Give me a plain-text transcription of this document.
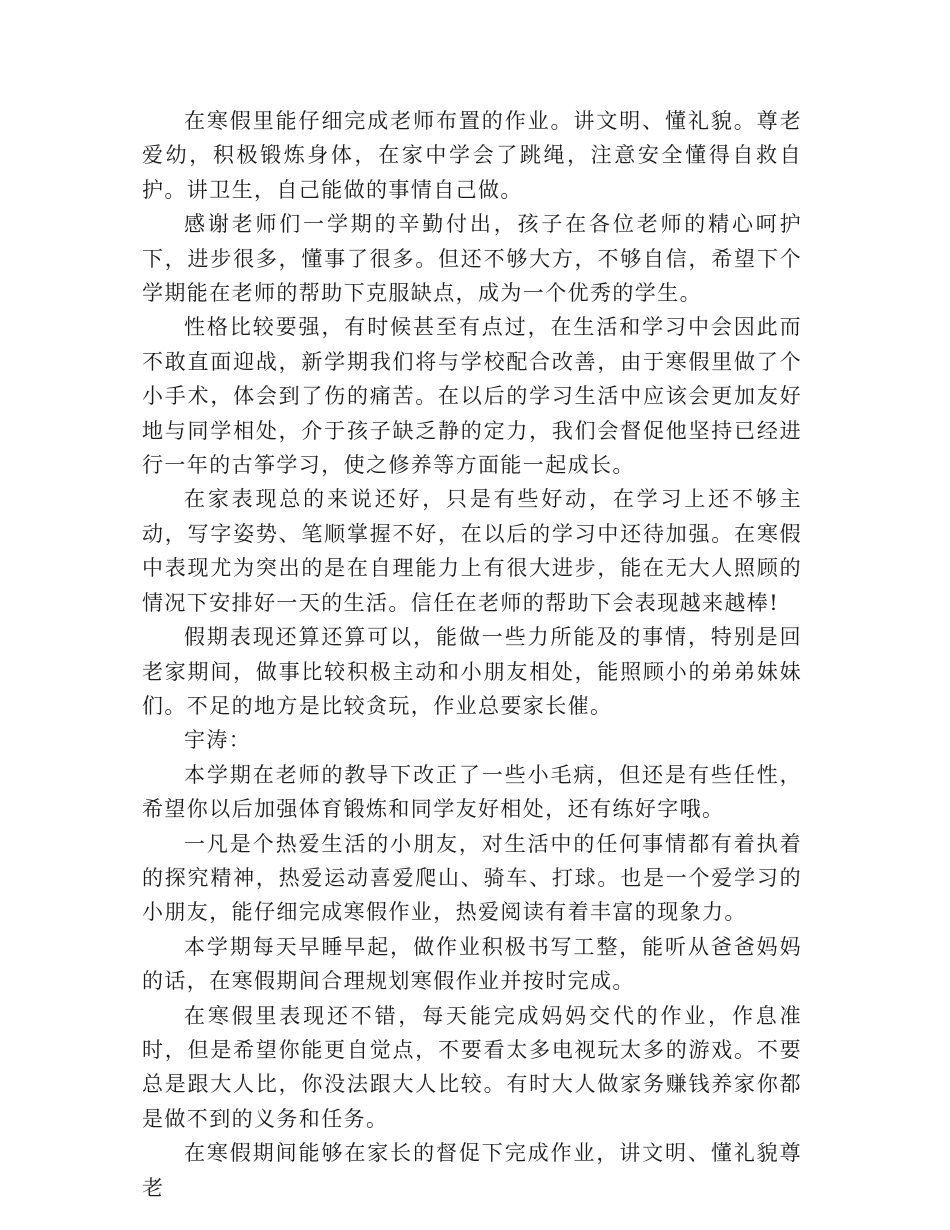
在寒假里能仔细完成老师布置的作业。讲文明、懂礼貌。尊老爱幼，积极锻炼身体，在家中学会了跳绳，注意安全懂得自救自护。讲卫生，自己能做的事情自己做。

感谢老师们一学期的辛勤付出，孩子在各位老师的精心呵护下，进步很多，懂事了很多。但还不够大方，不够自信，希望下个学期能在老师的帮助下克服缺点，成为一个优秀的学生。

性格比较要强，有时候甚至有点过，在生活和学习中会因此而不敢直面迎战，新学期我们将与学校配合改善，由于寒假里做了个小手术，体会到了伤的痛苦。在以后的学习生活中应该会更加友好地与同学相处，介于孩子缺乏静的定力，我们会督促他坚持已经进行一年的古筝学习，使之修养等方面能一起成长。

在家表现总的来说还好，只是有些好动，在学习上还不够主动，写字姿势、笔顺掌握不好，在以后的学习中还待加强。在寒假中表现尤为突出的是在自理能力上有很大进步，能在无大人照顾的情况下安排好一天的生活。信任在老师的帮助下会表现越来越棒!

假期表现还算还算可以，能做一些力所能及的事情，特别是回老家期间，做事比较积极主动和小朋友相处，能照顾小的弟弟妹妹们。不足的地方是比较贪玩，作业总要家长催。

宇涛：

本学期在老师的教导下改正了一些小毛病，但还是有些任性，希望你以后加强体育锻炼和同学友好相处，还有练好字哦。

一凡是个热爱生活的小朋友，对生活中的任何事情都有着执着的探究精神，热爱运动喜爱爬山、骑车、打球。也是一个爱学习的小朋友，能仔细完成寒假作业，热爱阅读有着丰富的现象力。

本学期每天早睡早起，做作业积极书写工整，能听从爸爸妈妈的话，在寒假期间合理规划寒假作业并按时完成。

在寒假里表现还不错，每天能完成妈妈交代的作业，作息准时，但是希望你能更自觉点，不要看太多电视玩太多的游戏。不要总是跟大人比，你没法跟大人比较。有时大人做家务赚钱养家你都是做不到的义务和任务。

在寒假期间能够在家长的督促下完成作业，讲文明、懂礼貌尊老
